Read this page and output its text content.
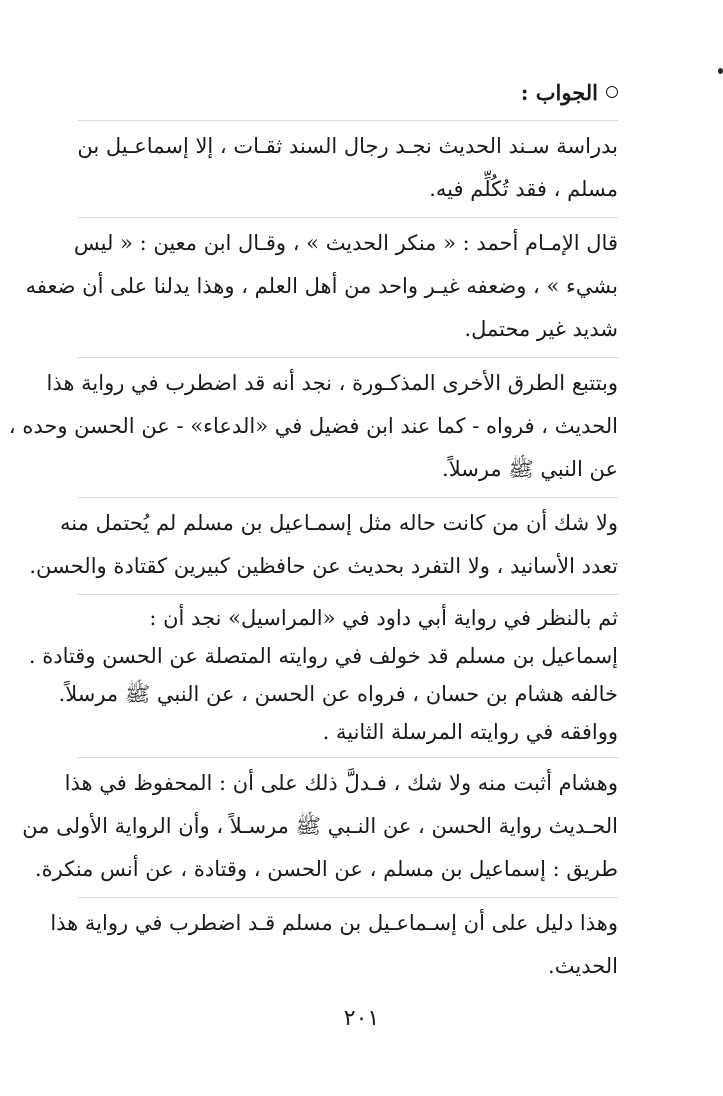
الجواب :
بدراسة سـند الحديث نجـد رجال السند ثقـات ، إلا إسماعـيل بن
مسلم ، فقد تُكُلِّم فيه.
قال الإمـام أحمد : « منكر الحديث » ، وقـال ابن معين : « ليس
بشيء » ، وضعفه غيـر واحد من أهل العلم ، وهذا يدلنا على أن ضعفه
شديد غير محتمل.
وبتتبع الطرق الأخرى المذكـورة ، نجد أنه قد اضطرب في رواية هذا
الحديث ، فرواه - كما عند ابن فضيل في «الدعاء» - عن الحسن وحده ،
عن النبي ﷺ مرسلاً.
ولا شك أن من كانت حاله مثل إسمـاعيل بن مسلم لم يُحتمل منه
تعدد الأسانيد ، ولا التفرد بحديث عن حافظين كبيرين كقتادة والحسن.
ثم بالنظر في رواية أبي داود في «المراسيل» نجد أن :
إسماعيل بن مسلم قد خولف في روايته المتصلة عن الحسن وقتادة .
خالفه هشام بن حسان ، فرواه عن الحسن ، عن النبي ﷺ مرسلاً.
ووافقه في روايته المرسلة الثانية .
وهشام أثبت منه ولا شك ، فـدلَّ ذلك على أن : المحفوظ في هذا
الحـديث رواية الحسن ، عن النـبي ﷺ مرسـلاً ، وأن الرواية الأولى من
طريق : إسماعيل بن مسلم ، عن الحسن ، وقتادة ، عن أنس منكرة.
وهذا دليل على أن إسـماعـيل بن مسلم قـد اضطرب في رواية هذا
الحديث.
٢٠١
